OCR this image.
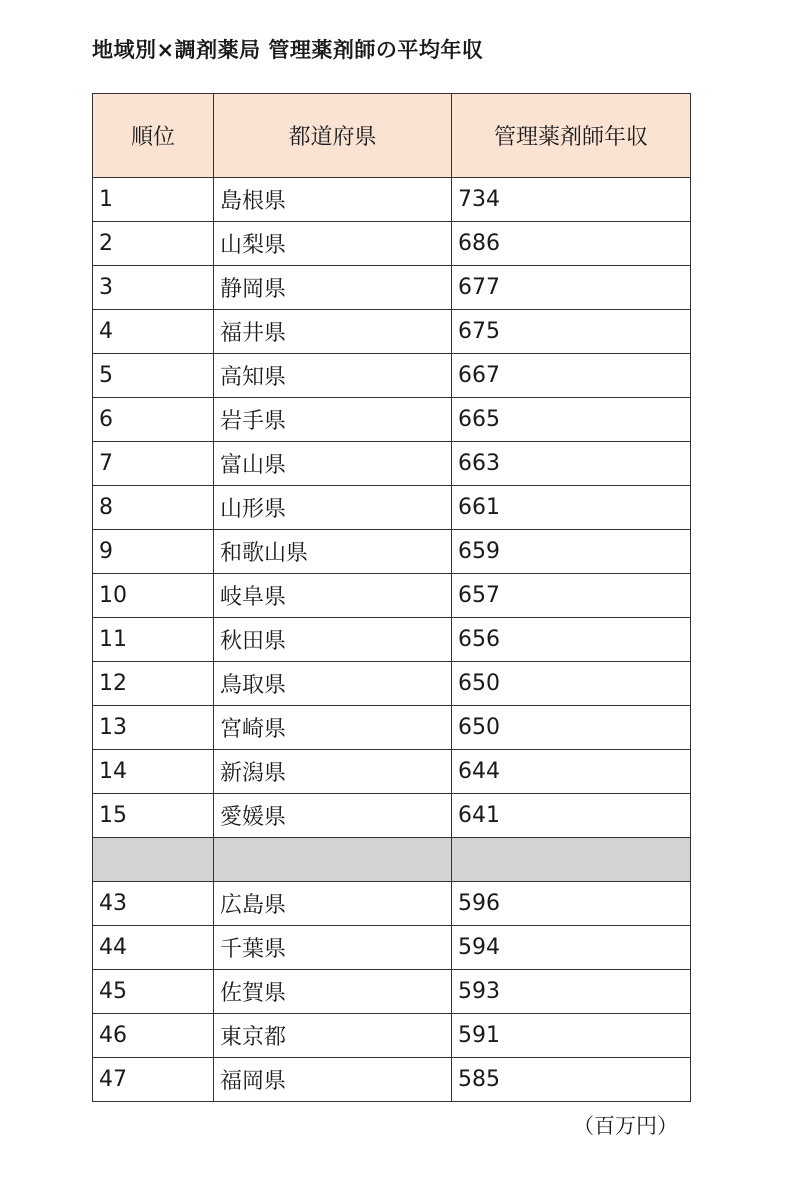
地域別×調剤薬局 管理薬剤師の平均年収
順位	都道府県	管理薬剤師年収
1	島根県	734
2	山梨県	686
3	静岡県	677
4	福井県	675
5	高知県	667
6	岩手県	665
7	富山県	663
8	山形県	661
9	和歌山県	659
10	岐阜県	657
11	秋田県	656
12	鳥取県	650
13	宮崎県	650
14	新潟県	644
15	愛媛県	641

43	広島県	596
44	千葉県	594
45	佐賀県	593
46	東京都	591
47	福岡県	585
（百万円）
